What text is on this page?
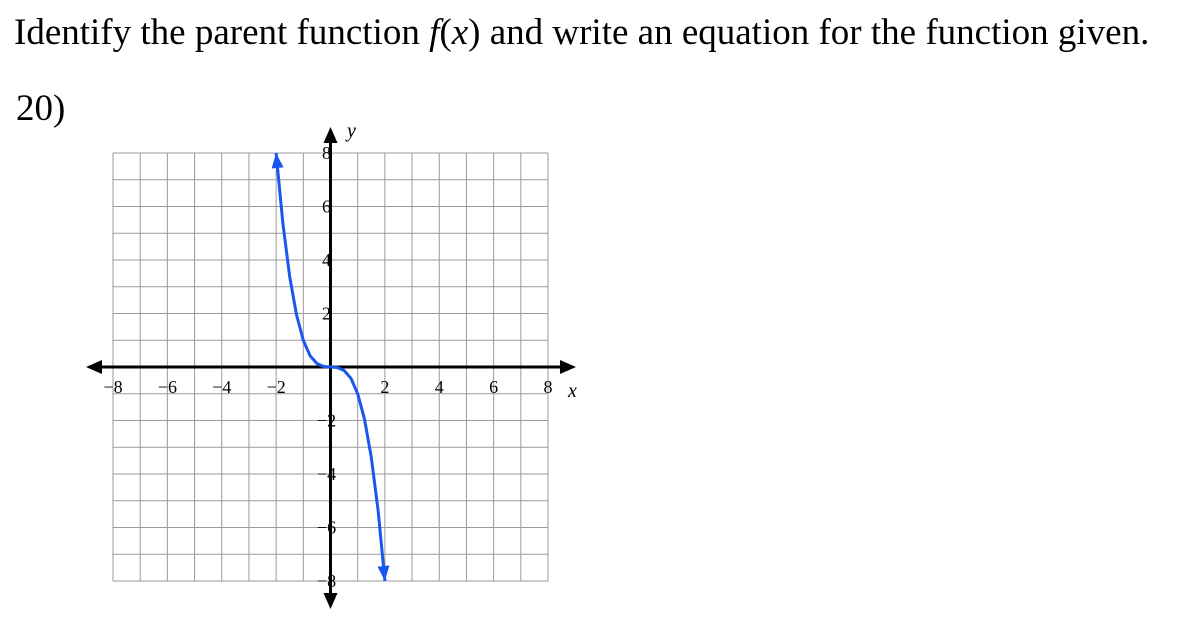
Identify the parent function f(x) and write an equation for the function given.
20)
x
y
−8 −6 −4 −2	2	4	6	8
−8
−6
−4
−2
2
4
6
8
